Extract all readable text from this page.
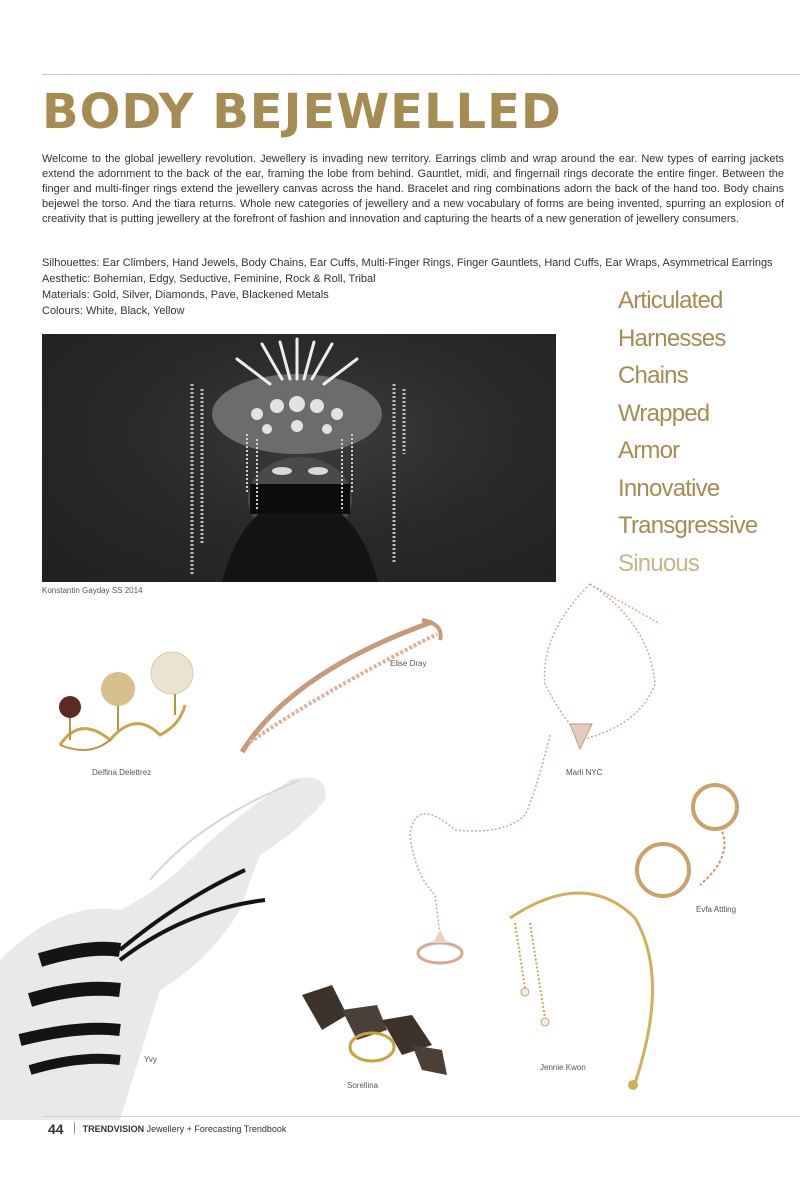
BODY BEJEWELLED

Welcome to the global jewellery revolution. Jewellery is invading new territory. Earrings climb and wrap around the ear. New types of earring jackets extend the adornment to the back of the ear, framing the lobe from behind. Gauntlet, midi, and fingernail rings decorate the entire finger. Between the finger and multi-finger rings extend the jewellery canvas across the hand. Bracelet and ring combinations adorn the back of the hand too. Body chains bejewel the torso. And the tiara returns. Whole new categories of jewellery and a new vocabulary of forms are being invented, spurring an explosion of creativity that is putting jewellery at the forefront of fashion and innovation and capturing the hearts of a new generation of jewellery consumers.

Silhouettes: Ear Climbers, Hand Jewels, Body Chains, Ear Cuffs, Multi-Finger Rings, Finger Gauntlets, Hand Cuffs, Ear Wraps, Asymmetrical Earrings
Aesthetic: Bohemian, Edgy, Seductive, Feminine, Rock & Roll, Tribal
Materials: Gold, Silver, Diamonds, Pave, Blackened Metals
Colours: White, Black, Yellow	Articulated
Harnesses
Chains
Wrapped
Armor
Innovative
Transgressive
Sinuous
Konstantin Gayday SS 2014
Delfina Delettrez
Elise Dray
Marli NYC
Evfa Attling
Yvy
Jennie Kwon
Sorellina
44 TRENDVISION Jewellery + Forecasting Trendbook
